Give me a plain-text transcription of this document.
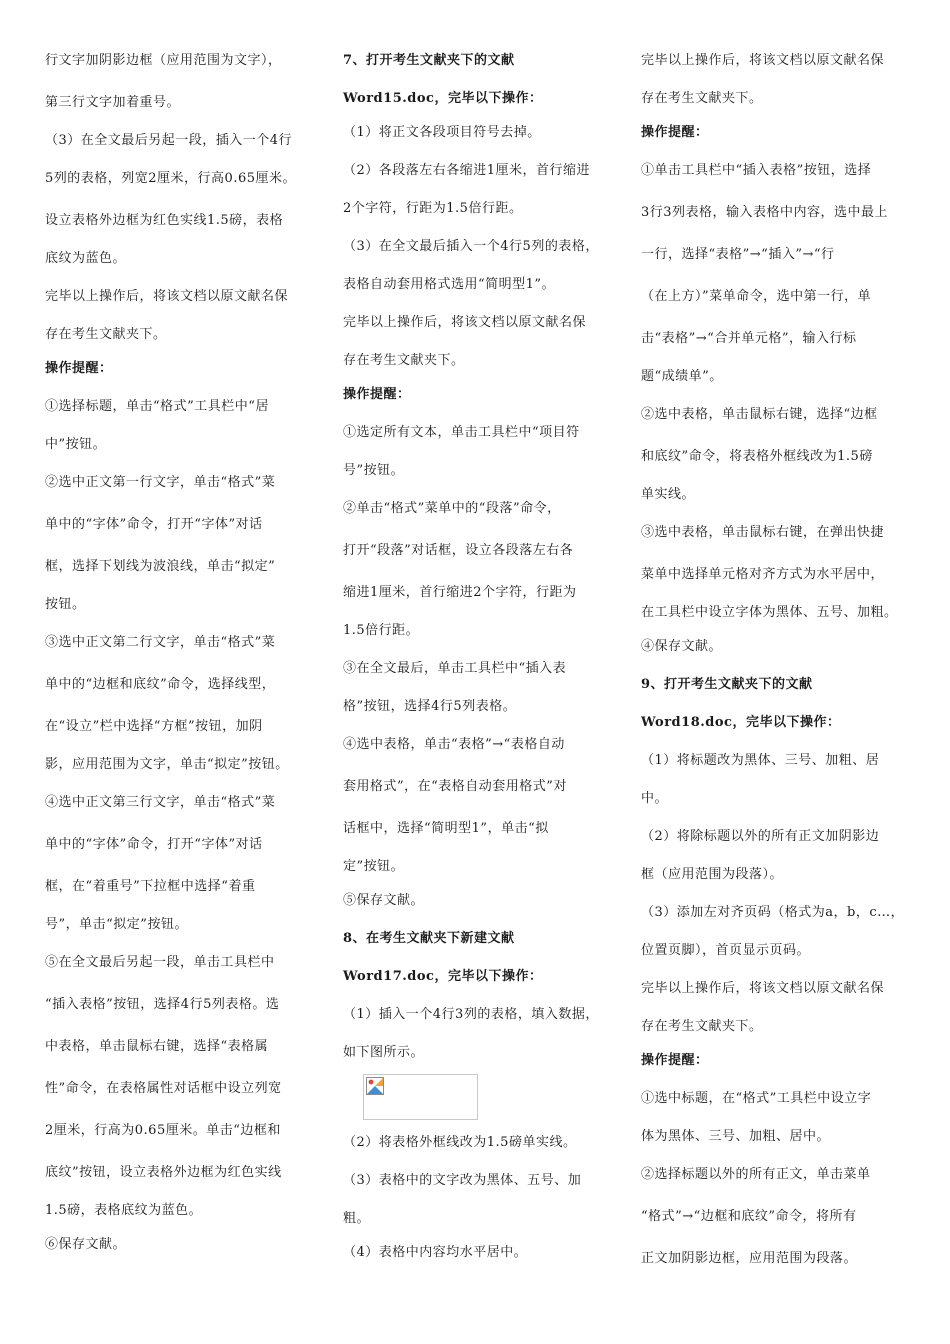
行文字加阴影边框（应用范围为文字），
第三行文字加着重号。
（3）在全文最后另起一段，插入一个4行
5列的表格，列宽2厘米，行高0.65厘米。
设立表格外边框为红色实线1.5磅，表格
底纹为蓝色。
完毕以上操作后，将该文档以原文献名保
存在考生文献夹下。
操作提醒：
①选择标题，单击“格式”工具栏中“居
中”按钮。
②选中正文第一行文字，单击“格式”菜
单中的“字体”命令，打开“字体”对话
框，选择下划线为波浪线，单击“拟定”
按钮。
③选中正文第二行文字，单击“格式”菜
单中的“边框和底纹”命令，选择线型，
在“设立”栏中选择“方框”按钮，加阴
影，应用范围为文字，单击“拟定”按钮。
④选中正文第三行文字，单击“格式”菜
单中的“字体”命令，打开“字体”对话
框，在“着重号”下拉框中选择“着重
号”，单击“拟定”按钮。
⑤在全文最后另起一段，单击工具栏中
“插入表格”按钮，选择4行5列表格。选
中表格，单击鼠标右键，选择“表格属
性”命令，在表格属性对话框中设立列宽
2厘米，行高为0.65厘米。单击“边框和
底纹”按钮，设立表格外边框为红色实线
1.5磅，表格底纹为蓝色。
⑥保存文献。
7、打开考生文献夹下的文献
Word15.doc，完毕以下操作：
（1）将正文各段项目符号去掉。
（2）各段落左右各缩进1厘米，首行缩进
2个字符，行距为1.5倍行距。
（3）在全文最后插入一个4行5列的表格，
表格自动套用格式选用“简明型1”。
完毕以上操作后，将该文档以原文献名保
存在考生文献夹下。
操作提醒：
①选定所有文本，单击工具栏中“项目符
号”按钮。
②单击“格式”菜单中的“段落”命令，
打开“段落”对话框，设立各段落左右各
缩进1厘米，首行缩进2个字符，行距为
1.5倍行距。
③在全文最后，单击工具栏中“插入表
格”按钮，选择4行5列表格。
④选中表格，单击“表格”→“表格自动
套用格式”，在“表格自动套用格式”对
话框中，选择“简明型1”，单击“拟
定”按钮。
⑤保存文献。
8、在考生文献夹下新建文献
Word17.doc，完毕以下操作：
（1）插入一个4行3列的表格，填入数据，
如下图所示。
（2）将表格外框线改为1.5磅单实线。
（3）表格中的文字改为黑体、五号、加
粗。
（4）表格中内容均水平居中。
完毕以上操作后，将该文档以原文献名保
存在考生文献夹下。
操作提醒：
①单击工具栏中“插入表格”按钮，选择
3行3列表格，输入表格中内容，选中最上
一行，选择“表格”→“插入”→“行
（在上方）”菜单命令，选中第一行，单
击“表格”→“合并单元格”，输入行标
题“成绩单”。
②选中表格，单击鼠标右键，选择“边框
和底纹”命令，将表格外框线改为1.5磅
单实线。
③选中表格，单击鼠标右键，在弹出快捷
菜单中选择单元格对齐方式为水平居中，
在工具栏中设立字体为黑体、五号、加粗。
④保存文献。
9、打开考生文献夹下的文献
Word18.doc，完毕以下操作：
（1）将标题改为黑体、三号、加粗、居
中。
（2）将除标题以外的所有正文加阴影边
框（应用范围为段落）。
（3）添加左对齐页码（格式为a，b，c…，
位置页脚），首页显示页码。
完毕以上操作后，将该文档以原文献名保
存在考生文献夹下。
操作提醒：
①选中标题，在“格式”工具栏中设立字
体为黑体、三号、加粗、居中。
②选择标题以外的所有正文，单击菜单
“格式”→“边框和底纹”命令，将所有
正文加阴影边框，应用范围为段落。
